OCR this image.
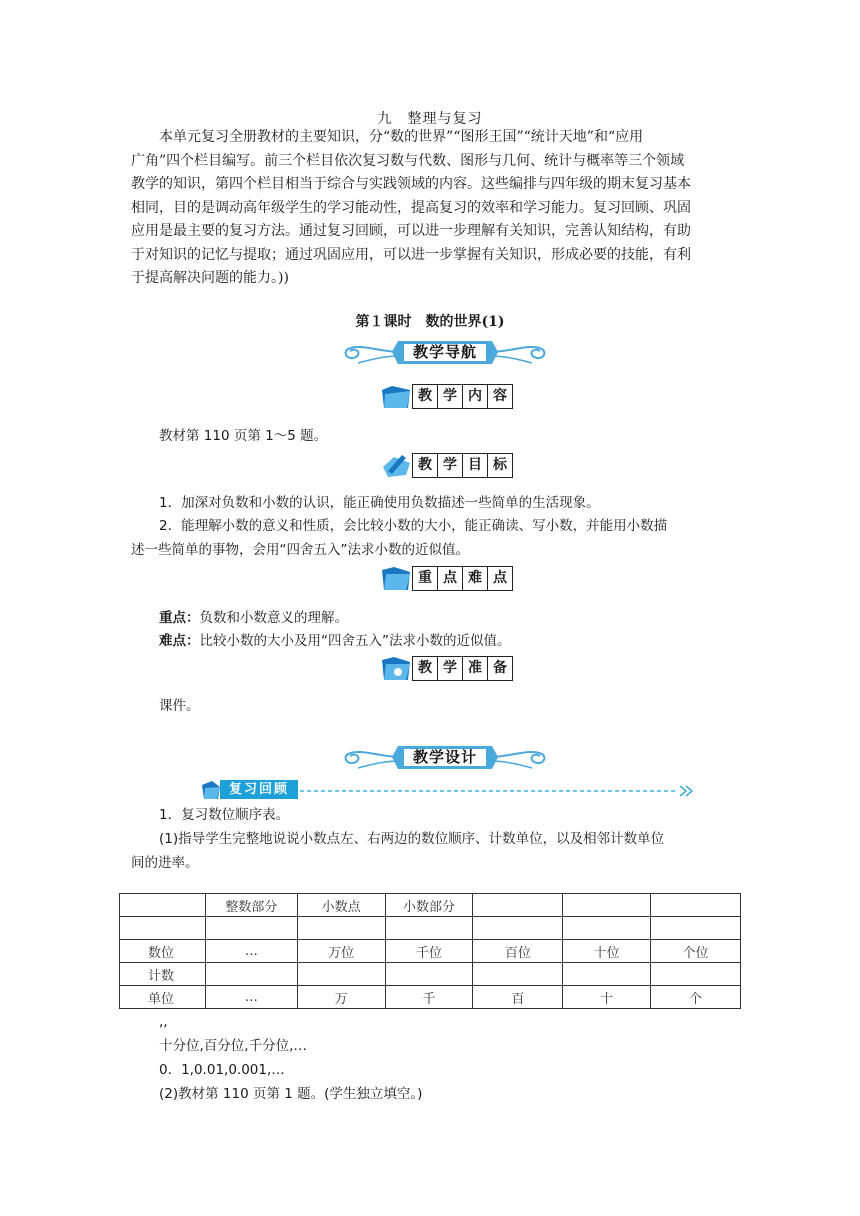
九　整理与复习

本单元复习全册教材的主要知识，分“数的世界”“图形王国”“统计天地”和“应用

广角”四个栏目编写。前三个栏目依次复习数与代数、图形与几何、统计与概率等三个领域

教学的知识，第四个栏目相当于综合与实践领域的内容。这些编排与四年级的期末复习基本

相同，目的是调动高年级学生的学习能动性，提高复习的效率和学习能力。复习回顾、巩固

应用是最主要的复习方法。通过复习回顾，可以进一步理解有关知识，完善认知结构，有助

于对知识的记忆与提取；通过巩固应用，可以进一步掌握有关知识，形成必要的技能，有利

于提高解决问题的能力。))

第１课时　数的世界(1)
教学导航
教 学 内 容
教材第 110 页第 1～5 题。
教 学 目 标
1．加深对负数和小数的认识，能正确使用负数描述一些简单的生活现象。
2．能理解小数的意义和性质，会比较小数的大小，能正确读、写小数，并能用小数描
述一些简单的事物，会用“四舍五入”法求小数的近似值。
重 点 难 点
重点：负数和小数意义的理解。
难点：比较小数的大小及用“四舍五入”法求小数的近似值。
教 学 准 备
课件。
教学设计
复习回顾
1．复习数位顺序表。
(1)指导学生完整地说说小数点左、右两边的数位顺序、计数单位，以及相邻计数单位
间的进率。
	整数部分	小数点	小数部分			

数位	…	万位	千位	百位	十位	个位
计数						
单位	…	万	千	百	十	个
,,
十分位,百分位,千分位,…
0．1,0.01,0.001,…
(2)教材第 110 页第 1 题。(学生独立填空。)
